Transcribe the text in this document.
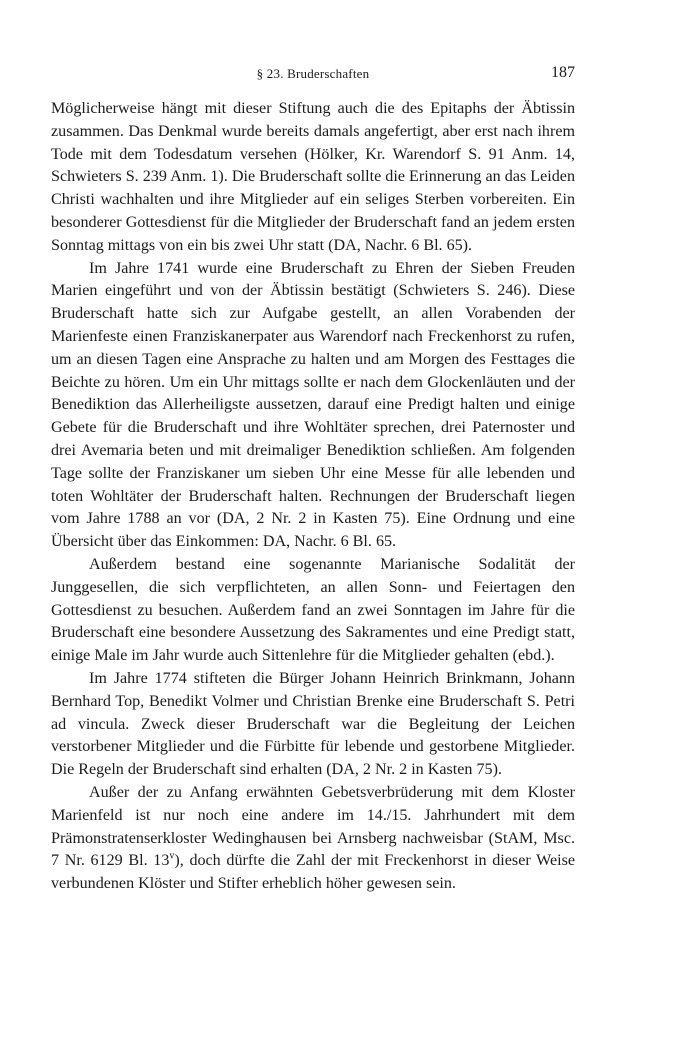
§ 23. Bruderschaften	187

Möglicherweise hängt mit dieser Stiftung auch die des Epitaphs der Äbtissin zusammen. Das Denkmal wurde bereits damals angefertigt, aber erst nach ihrem Tode mit dem Todesdatum versehen (Hölker, Kr. Warendorf S. 91 Anm. 14, Schwieters S. 239 Anm. 1). Die Bruderschaft sollte die Erinnerung an das Leiden Christi wachhalten und ihre Mitglieder auf ein seliges Sterben vorbereiten. Ein besonderer Gottesdienst für die Mitglieder der Bruderschaft fand an jedem ersten Sonntag mittags von ein bis zwei Uhr statt (DA, Nachr. 6 Bl. 65).

Im Jahre 1741 wurde eine Bruderschaft zu Ehren der Sieben Freuden Marien eingeführt und von der Äbtissin bestätigt (Schwieters S. 246). Diese Bruderschaft hatte sich zur Aufgabe gestellt, an allen Vorabenden der Marienfeste einen Franziskanerpater aus Warendorf nach Freckenhorst zu rufen, um an diesen Tagen eine Ansprache zu halten und am Morgen des Festtages die Beichte zu hören. Um ein Uhr mittags sollte er nach dem Glockenläuten und der Benediktion das Allerheiligste aussetzen, darauf eine Predigt halten und einige Gebete für die Bruderschaft und ihre Wohltäter sprechen, drei Paternoster und drei Avemaria beten und mit dreimaliger Benediktion schließen. Am folgenden Tage sollte der Franziskaner um sieben Uhr eine Messe für alle lebenden und toten Wohltäter der Bruderschaft halten. Rechnungen der Bruderschaft liegen vom Jahre 1788 an vor (DA, 2 Nr. 2 in Kasten 75). Eine Ordnung und eine Übersicht über das Einkommen: DA, Nachr. 6 Bl. 65.

Außerdem bestand eine sogenannte Marianische Sodalität der Junggesellen, die sich verpflichteten, an allen Sonn- und Feiertagen den Gottesdienst zu besuchen. Außerdem fand an zwei Sonntagen im Jahre für die Bruderschaft eine besondere Aussetzung des Sakramentes und eine Predigt statt, einige Male im Jahr wurde auch Sittenlehre für die Mitglieder gehalten (ebd.).

Im Jahre 1774 stifteten die Bürger Johann Heinrich Brinkmann, Johann Bernhard Top, Benedikt Volmer und Christian Brenke eine Bruderschaft S. Petri ad vincula. Zweck dieser Bruderschaft war die Begleitung der Leichen verstorbener Mitglieder und die Fürbitte für lebende und gestorbene Mitglieder. Die Regeln der Bruderschaft sind erhalten (DA, 2 Nr. 2 in Kasten 75).

Außer der zu Anfang erwähnten Gebetsverbrüderung mit dem Kloster Marienfeld ist nur noch eine andere im 14./15. Jahrhundert mit dem Prämonstratenserkloster Wedinghausen bei Arnsberg nachweisbar (StAM, Msc. 7 Nr. 6129 Bl. 13$^v$), doch dürfte die Zahl der mit Freckenhorst in dieser Weise verbundenen Klöster und Stifter erheblich höher gewesen sein.
